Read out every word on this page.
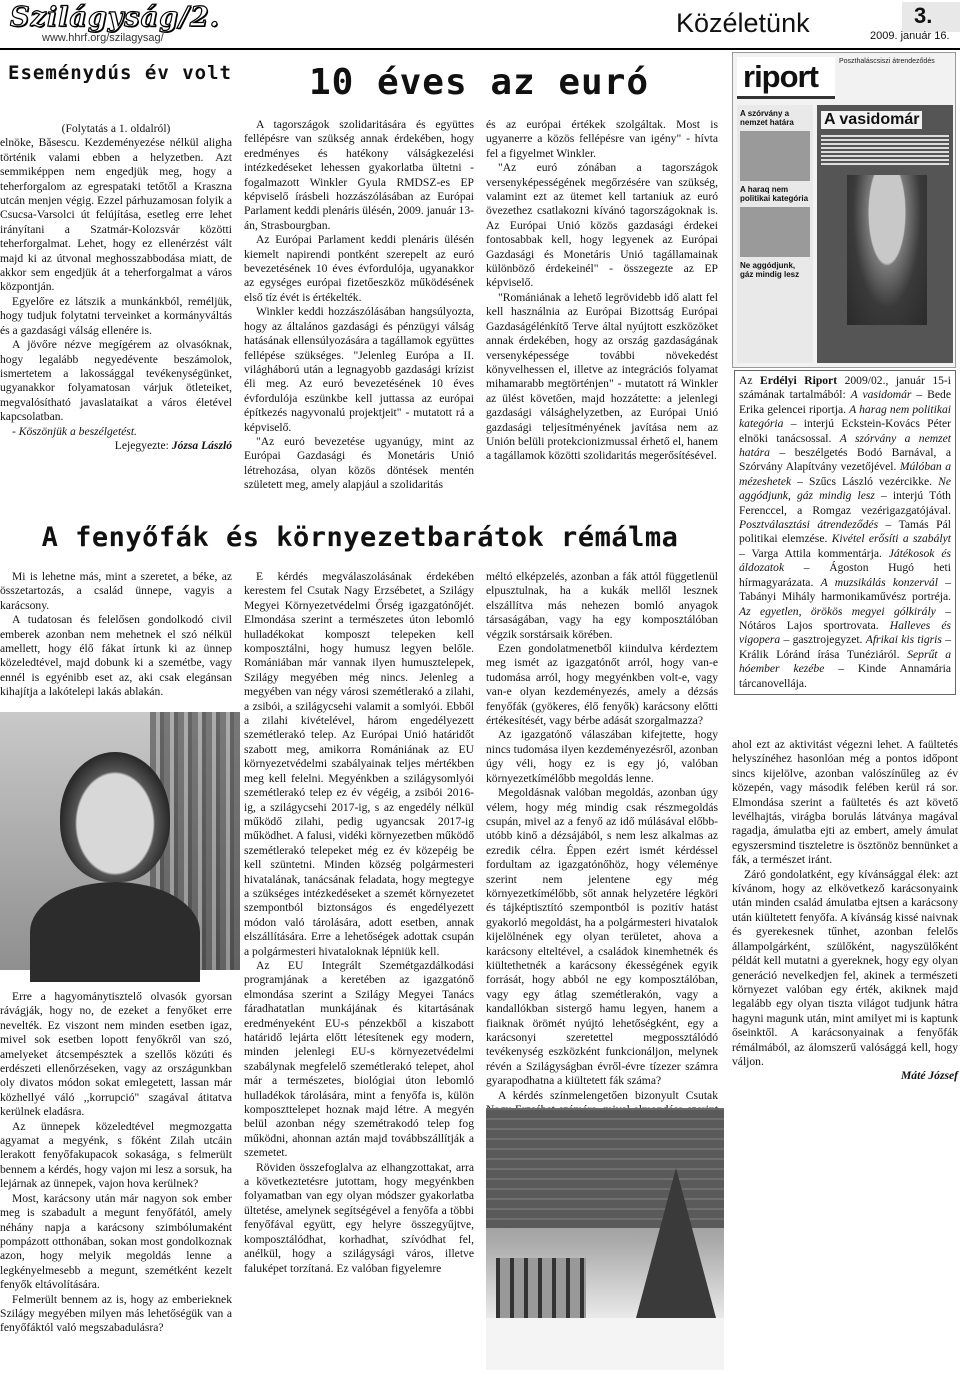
Szilágyság/2.
www.hhrf.org/szilagysag/	Közéletünk	3.
2009. január 16.
Eseménydús év volt

(Folytatás a 1. oldalról)

elnöke, Băsescu. Kezdeményezése nélkül aligha történik valami ebben a helyzetben. Azt semmiképpen nem engedjük meg, hogy a teherforgalom az egrespataki tetőtől a Kraszna utcán menjen végig. Ezzel párhuzamosan folyik a Csucsa-Varsolci út felújítása, esetleg erre lehet irányítani a Szatmár-Kolozsvár közötti teherforgalmat. Lehet, hogy ez ellenérzést vált majd ki az útvonal meghosszabbodása miatt, de akkor sem engedjük át a teherforgalmat a város központján.

Egyelőre ez látszik a munkánkból, reméljük, hogy tudjuk folytatni terveinket a kormányváltás és a gazdasági válság ellenére is.

A jövőre nézve megígérem az olvasóknak, hogy legalább negyedévente beszámolok, ismertetem a lakossággal tevékenységünket, ugyanakkor folyamatosan várjuk ötleteiket, megvalósítható javaslataikat a város életével kapcsolatban.

- Köszönjük a beszélgetést.

Lejegyezte: Józsa László

10 éves az euró

A tagországok szolidaritására és együttes fellépésre van szükség annak érdekében, hogy eredményes és hatékony válságkezelési intézkedéseket lehessen gyakorlatba ültetni - fogalmazott Winkler Gyula RMDSZ-es EP képviselő írásbeli hozzászólásában az Európai Parlament keddi plenáris ülésén, 2009. január 13-án, Strasbourgban.

Az Európai Parlament keddi plenáris ülésén kiemelt napirendi pontként szerepelt az euró bevezetésének 10 éves évfordulója, ugyanakkor az egységes európai fizetőeszköz működésének első tíz évét is értékelték.

Winkler keddi hozzászólásában hangsúlyozta, hogy az általános gazdasági és pénzügyi válság hatásának ellensúlyozására a tagállamok együttes fellépése szükséges. "Jelenleg Európa a II. világháború után a legnagyobb gazdasági krízist éli meg. Az euró bevezetésének 10 éves évfordulója eszünkbe kell juttassa az európai építkezés nagyvonalú projektjeit" - mutatott rá a képviselő.

"Az euró bevezetése ugyanúgy, mint az Európai Gazdasági és Monetáris Unió létrehozása, olyan közös döntések mentén született meg, amely alapjául a szolidaritás

és az európai értékek szolgáltak. Most is ugyanerre a közös fellépésre van igény" - hívta fel a figyelmet Winkler.

"Az euró zónában a tagországok versenyképességének megőrzésére van szükség, valamint ezt az ütemet kell tartaniuk az euró övezethez csatlakozni kívánó tagországoknak is. Az Európai Unió közös gazdasági érdekei fontosabbak kell, hogy legyenek az Európai Gazdasági és Monetáris Unió tagállamainak különböző érdekeinél" - összegezte az EP képviselő.

"Romániának a lehető legrövidebb idő alatt fel kell használnia az Európai Bizottság Európai Gazdaságélénkítő Terve által nyújtott eszközöket annak érdekében, hogy az ország gazdaságának versenyképessége további növekedést könyvelhessen el, illetve az integrációs folyamat mihamarabb megtörténjen" - mutatott rá Winkler az ülést követően, majd hozzátette: a jelenlegi gazdasági válsághelyzetben, az Európai Unió gazdasági teljesítményének javítása nem az Unión belüli protekcionizmussal érhető el, hanem a tagállamok közötti szolidaritás megerősítésével.

riport	Poszthaláscsiszi átrendeződés
A szórvány a nemzet határa
A haraq nem politikai kategória
Ne aggódjunk, gáz mindig lesz
A vasidomár
Az Erdélyi Riport 2009/02., január 15-i számának tartalmából: A vasidomár – Bede Erika gelencei riportja. A harag nem politikai kategória – interjú Eckstein-Kovács Péter elnöki tanácsossal. A szórvány a nemzet határa – beszélgetés Bodó Barnával, a Szórvány Alapítvány vezetőjével. Múlóban a mézeshetek – Szűcs László vezércikke. Ne aggódjunk, gáz mindig lesz – interjú Tóth Ferenccel, a Romgaz vezérigazgatójával. Posztválasztási átrendeződés – Tamás Pál politikai elemzése. Kivétel erősíti a szabályt – Varga Attila kommentárja. Játékosok és áldozatok – Ágoston Hugó heti hírmagyarázata. A muzsikálás konzervál – Tabányi Mihály harmonikaművész portréja. Az egyetlen, örökös megyei gólkirály – Nótáros Lajos sportrovata. Halleves és vigopera – gasztrojegyzet. Afrikai kis tigris – Králik Lóránd írása Tunéziáról. Seprűt a hóember kezébe – Kinde Annamária tárcanovellája.
A fenyőfák és környezetbarátok rémálma

Mi is lehetne más, mint a szeretet, a béke, az összetartozás, a család ünnepe, vagyis a karácsony.

A tudatosan és felelősen gondolkodó civil emberek azonban nem mehetnek el szó nélkül amellett, hogy élő fákat írtunk ki az ünnep közeledtével, majd dobunk ki a szemétbe, vagy ennél is egyénibb eset az, aki csak elegánsan kihajítja a lakótelepi lakás ablakán.

Erre a hagyománytisztelő olvasók gyorsan rávágják, hogy no, de ezeket a fenyőket erre nevelték. Ez viszont nem minden esetben igaz, mivel sok esetben lopott fenyőkről van szó, amelyeket átcsempésztek a szellős közúti és erdészeti ellenőrzéseken, vagy az országunkban oly divatos módon sokat emlegetett, lassan már közhellyé váló ,,korrupció" szagával átitatva kerülnek eladásra.

Az ünnepek közeledtével megmozgatta agyamat a megyénk, s főként Zilah utcáin lerakott fenyőfakupacok sokasága, s felmerült bennem a kérdés, hogy vajon mi lesz a sorsuk, ha lejárnak az ünnepek, vajon hova kerülnek?

Most, karácsony után már nagyon sok ember meg is szabadult a megunt fenyőfától, amely néhány napja a karácsony szimbólumaként pompázott otthonában, sokan most gondolkoznak azon, hogy melyik megoldás lenne a legkényelmesebb a megunt, szemétként kezelt fenyők eltávolítására.

Felmerült bennem az is, hogy az emberieknek Szilágy megyében milyen más lehetőségük van a fenyőfáktól való megszabadulásra?

E kérdés megválaszolásának érdekében kerestem fel Csutak Nagy Erzsébetet, a Szilágy Megyei Környezetvédelmi Őrség igazgatónőjét. Elmondása szerint a természetes úton lebomló hulladékokat komposzt telepeken kell komposztálni, hogy humusz legyen belőle. Romániában már vannak ilyen humusztelepek, Szilágy megyében még nincs. Jelenleg a megyében van négy városi szemétlerakó a zilahi, a zsibói, a szilágycsehi valamit a somlyói. Ebből a zilahi kivételével, három engedélyezett szemétlerakó telep. Az Európai Unió határidőt szabott meg, amikorra Romániának az EU környezetvédelmi szabályainak teljes mértékben meg kell felelni. Megyénkben a szilágysomlyói szemétlerakó telep ez év végéig, a zsibói 2016-ig, a szilágycsehi 2017-ig, s az engedély nélkül működő zilahi, pedig ugyancsak 2017-ig működhet. A falusi, vidéki környezetben működő szemétlerakó telepeket még ez év közepéig be kell szüntetni. Minden község polgármesteri hivatalának, tanácsának feladata, hogy megtegye a szükséges intézkedéseket a szemét környezetet szempontból biztonságos és engedélyezett módon való tárolására, adott esetben, annak elszállítására. Erre a lehetőségek adottak csupán a polgármesteri hivataloknak lépniük kell.

Az EU Integrált Szemétgazdálkodási programjának a keretében az igazgatónő elmondása szerint a Szilágy Megyei Tanács fáradhatatlan munkájának és kitartásának eredményeként EU-s pénzekből a kiszabott határidő lejárta előtt létesítenek egy modern, minden jelenlegi EU-s környezetvédelmi szabálynak megfelelő szemétlerakó telepet, ahol már a természetes, biológiai úton lebomló hulladékok tárolására, mint a fenyőfa is, külön komposzttelepet hoznak majd létre. A megyén belül azonban négy szemétrakodó telep fog működni, ahonnan aztán majd továbbszállítják a szemetet.

Röviden összefoglalva az elhangzottakat, arra a következtetésre jutottam, hogy megyénkben folyamatban van egy olyan módszer gyakorlatba ültetése, amelynek segítségével a fenyőfa a többi fenyőfával együtt, egy helyre összegyűjtve, komposztálódhat, korhadhat, szívódhat fel, anélkül, hogy a szilágysági város, illetve faluképet torzítaná. Ez valóban figyelemre

méltó elképzelés, azonban a fák attól függetlenül elpusztulnak, ha a kukák mellől lesznek elszállítva más nehezen bomló anyagok társaságában, vagy ha egy komposztálóban végzik sorstársaik körében.

Ezen gondolatmenetből kiindulva kérdeztem meg ismét az igazgatónőt arról, hogy van-e tudomása arról, hogy megyénkben volt-e, vagy van-e olyan kezdeményezés, amely a dézsás fenyőfák (gyökeres, élő fenyők) karácsony előtti értékesítését, vagy bérbe adását szorgalmazza?

Az igazgatónő válaszában kifejtette, hogy nincs tudomása ilyen kezdeményezésről, azonban úgy véli, hogy ez is egy jó, valóban környezetkímélőbb megoldás lenne.

Megoldásnak valóban megoldás, azonban úgy vélem, hogy még mindig csak részmegoldás csupán, mivel az a fenyő az idő múlásával előbb-utóbb kinő a dézsájából, s nem lesz alkalmas az ezredik célra. Éppen ezért ismét kérdéssel fordultam az igazgatónőhöz, hogy véleménye szerint nem jelentene egy még környezetkímélőbb, sőt annak helyzetére légköri és tájképtisztító szempontból is pozitív hatást gyakorló megoldást, ha a polgármesteri hivatalok kijelölnének egy olyan területet, ahova a karácsony elteltével, a családok kinemhetnék és kiültethetnék a karácsony ékességének egyik forrását, hogy abból ne egy komposztálóban, vagy egy átlag szemétlerakón, vagy a kandallókban sistergő hamu legyen, hanem a fiaiknak örömét nyújtó lehetőségként, egy a karácsonyi szeretettel megpossztálódó tevékenység eszközként funkcionáljon, melynek révén a Szilágyságban évről-évre tízezer számra gyarapodhatna a kiültetett fák száma?

A kérdés színmelengetően bizonyult Csutak

ahol ezt az aktivitást végezni lehet. A faültetés helyszínéhez hasonlóan még a pontos időpont sincs kijelölve, azonban valószínűleg az év közepén, vagy második felében kerül rá sor. Elmondása szerint a faültetés és azt követő levélhajtás, virágba borulás látványa magával ragadja, ámulatba ejti az embert, amely ámulat egyszersmind tiszteletre is ösztönöz bennünket a fák, a természet iránt.

Záró gondolatként, egy kívánsággal élek: azt kívánom, hogy az elkövetkező karácsonyaink után minden család ámulatba ejtsen a karácsony után kiültetett fenyőfa. A kívánság kissé naivnak és gyerekesnek tűnhet, azonban felelős állampolgárként, szülőként, nagyszülőként példát kell mutatni a gyereknek, hogy egy olyan generáció nevelkedjen fel, akinek a természeti környezet valóban egy érték, akiknek majd legalább egy olyan tiszta világot tudjunk hátra hagyni magunk után, mint amilyet mi is kaptunk őseinktől. A karácsonyainak a fenyőfák rémálmából, az álomszerű valósággá kell, hogy váljon.

Máté József
